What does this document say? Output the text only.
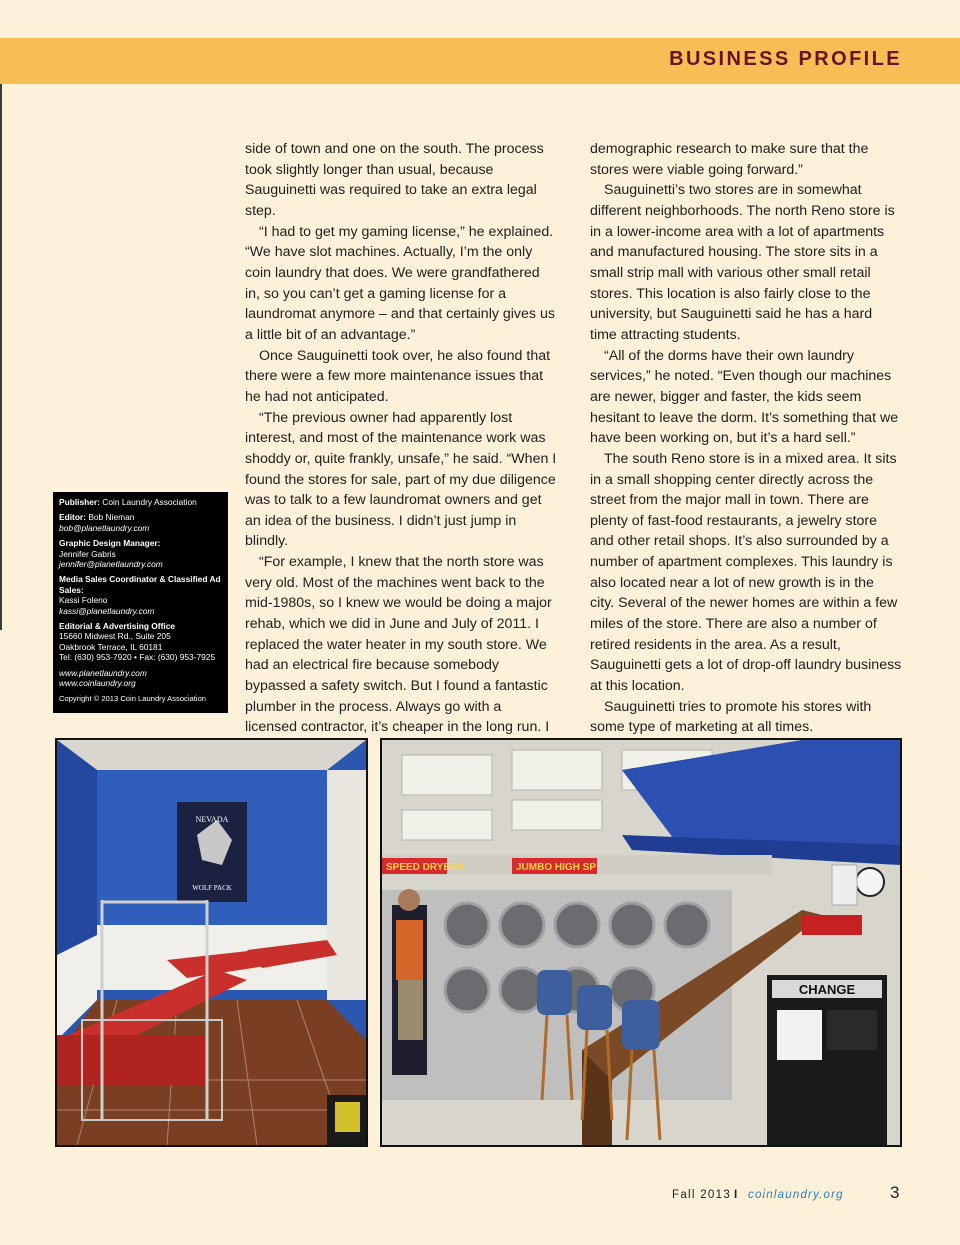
BUSINESS PROFILE

side of town and one on the south. The process took slightly longer than usual, because Sauguinetti was required to take an extra legal step.

“I had to get my gaming license,” he explained. “We have slot machines. Actually, I’m the only coin laundry that does. We were grandfathered in, so you can’t get a gaming license for a laundromat anymore – and that certainly gives us a little bit of an advantage.”

Once Sauguinetti took over, he also found that there were a few more maintenance issues that he had not anticipated.

“The previous owner had apparently lost interest, and most of the maintenance work was shoddy or, quite frankly, unsafe,” he said. “When I found the stores for sale, part of my due diligence was to talk to a few laundromat owners and get an idea of the business. I didn’t just jump in blindly.

“For example, I knew that the north store was very old. Most of the machines went back to the mid-1980s, so I knew we would be doing a major rehab, which we did in June and July of 2011. I replaced the water heater in my south store. We had an electrical fire because somebody bypassed a safety switch. But I found a fantastic plumber in the process. Always go with a licensed contractor, it’s cheaper in the long run. I

demographic research to make sure that the stores were viable going forward.”

Sauguinetti’s two stores are in somewhat different neighborhoods. The north Reno store is in a lower-income area with a lot of apartments and manufactured housing. The store sits in a small strip mall with various other small retail stores. This location is also fairly close to the university, but Sauguinetti said he has a hard time attracting students.

“All of the dorms have their own laundry services,” he noted. “Even though our machines are newer, bigger and faster, the kids seem hesitant to leave the dorm. It’s something that we have been working on, but it’s a hard sell.”

The south Reno store is in a mixed area. It sits in a small shopping center directly across the street from the major mall in town. There are plenty of fast-food restaurants, a jewelry store and other retail shops. It’s also surrounded by a number of apartment complexes. This laundry is also located near a lot of new growth is in the city. Several of the newer homes are within a few miles of the store. There are also a number of retired residents in the area. As a result, Sauguinetti gets a lot of drop-off laundry business at this location.

Sauguinetti tries to promote his stores with some type of marketing at all times.

Publisher: Coin Laundry Association
Editor: Bob Nieman
bob@planetlaundry.com
Graphic Design Manager:
Jennifer Gabris
jennifer@planetlaundry.com
Media Sales Coordinator & Classified Ad Sales:
Kassi Foleno
kassi@planetlaundry.com
Editorial & Advertising Office
15660 Midwest Rd., Suite 205
Oakbrook Terrace, IL 60181
Tel: (630) 953-7920 • Fax: (630) 953-7925
www.planetlaundry.com
www.coinlaundry.org
Copyright © 2013 Coin Laundry Association
NEVADA
WOLF PACK
SPEED DRYERS	JUMBO HIGH SP
CHANGE
Fall 2013 I coinlaundry.org	3
